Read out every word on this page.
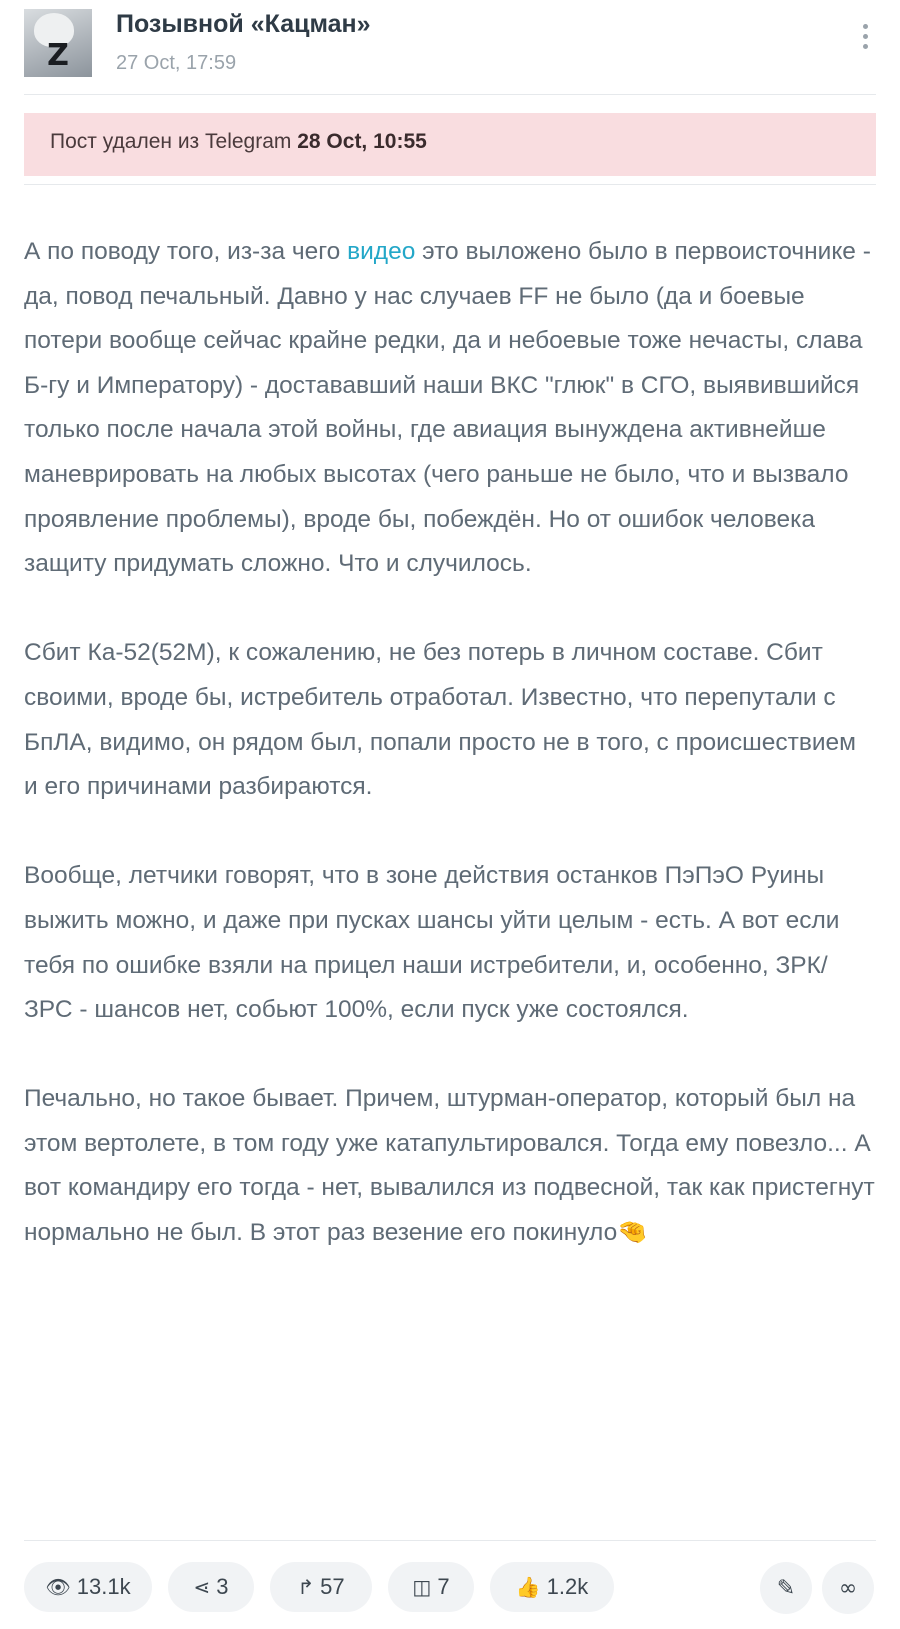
Z
Позывной «Кацман»
27 Oct, 17:59
Пост удален из Telegram 28 Oct, 10:55

А по поводу того, из-за чего видео это выложено было в первоисточнике - да, повод печальный. Давно у нас случаев FF не было (да и боевые потери вообще сейчас крайне редки, да и небоевые тоже нечасты, слава Б-гу и Императору) - достававший наши ВКС "глюк" в СГО, выявившийся только после начала этой войны, где авиация вынуждена активнейше маневрировать на любых высотах (чего раньше не было, что и вызвало проявление проблемы), вроде бы, побеждён. Но от ошибок человека защиту придумать сложно. Что и случилось.

Сбит Ка-52(52М), к сожалению, не без потерь в личном составе. Сбит своими, вроде бы, истребитель отработал. Известно, что перепутали с БпЛА, видимо, он рядом был, попали просто не в того, с происшествием и его причинами разбираются.

Вообще, летчики говорят, что в зоне действия останков ПэПэО Руины выжить можно, и даже при пусках шансы уйти целым - есть. А вот если тебя по ошибке взяли на прицел наши истребители, и, особенно, ЗРК/ЗРС - шансов нет, собьют 100%, если пуск уже состоялся.

Печально, но такое бывает. Причем, штурман-оператор, который был на этом вертолете, в том году уже катапультировался. Тогда ему повезло... А вот командиру его тогда - нет, вывалился из подвесной, так как пристегнут нормально не был. В этот раз везение его покинуло🤏

👁 13.1k	⋖ 3	↱ 57	◫ 7	👍 1.2k	✎ ∞
